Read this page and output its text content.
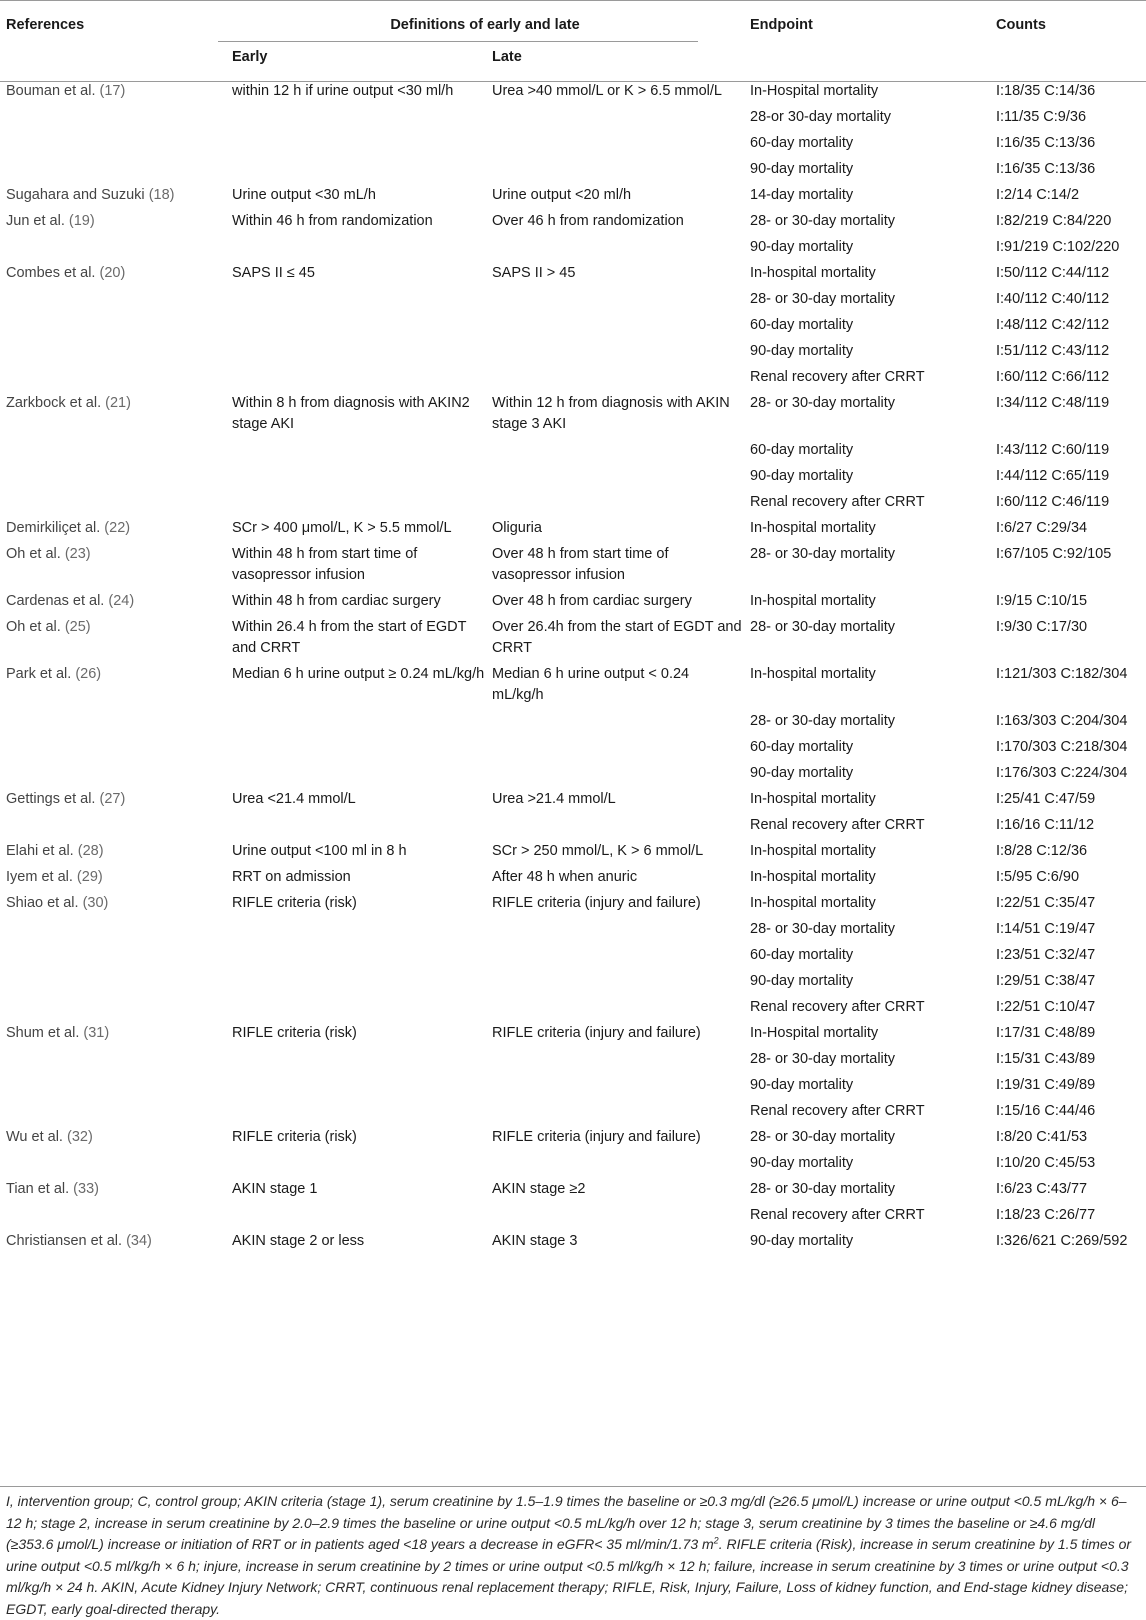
References	Definitions of early and late		Endpoint	Counts
	Early	Late		
Bouman et al. (17)	within 12 h if urine output <30 ml/h	Urea >40 mmol/L or K > 6.5 mmol/L	In-Hospital mortality	I:18/35 C:14/36
			28-or 30-day mortality	I:11/35 C:9/36
			60-day mortality	I:16/35 C:13/36
			90-day mortality	I:16/35 C:13/36
Sugahara and Suzuki (18)	Urine output <30 mL/h	Urine output <20 ml/h	14-day mortality	I:2/14 C:14/2
Jun et al. (19)	Within 46 h from randomization	Over 46 h from randomization	28- or 30-day mortality	I:82/219 C:84/220
			90-day mortality	I:91/219 C:102/220
Combes et al. (20)	SAPS II ≤ 45	SAPS II > 45	In-hospital mortality	I:50/112 C:44/112
			28- or 30-day mortality	I:40/112 C:40/112
			60-day mortality	I:48/112 C:42/112
			90-day mortality	I:51/112 C:43/112
			Renal recovery after CRRT	I:60/112 C:66/112
Zarkbock et al. (21)	Within 8 h from diagnosis with AKIN2 stage AKI	Within 12 h from diagnosis with AKIN stage 3 AKI	28- or 30-day mortality	I:34/112 C:48/119
			60-day mortality	I:43/112 C:60/119
			90-day mortality	I:44/112 C:65/119
			Renal recovery after CRRT	I:60/112 C:46/119
Demirkiliçet al. (22)	SCr > 400 μmol/L, K > 5.5 mmol/L	Oliguria	In-hospital mortality	I:6/27 C:29/34
Oh et al. (23)	Within 48 h from start time of vasopressor infusion	Over 48 h from start time of vasopressor infusion	28- or 30-day mortality	I:67/105 C:92/105
Cardenas et al. (24)	Within 48 h from cardiac surgery	Over 48 h from cardiac surgery	In-hospital mortality	I:9/15 C:10/15
Oh et al. (25)	Within 26.4 h from the start of EGDT and CRRT	Over 26.4h from the start of EGDT and CRRT	28- or 30-day mortality	I:9/30 C:17/30
Park et al. (26)	Median 6 h urine output ≥ 0.24 mL/kg/h	Median 6 h urine output < 0.24 mL/kg/h	In-hospital mortality	I:121/303 C:182/304
			28- or 30-day mortality	I:163/303 C:204/304
			60-day mortality	I:170/303 C:218/304
			90-day mortality	I:176/303 C:224/304
Gettings et al. (27)	Urea <21.4 mmol/L	Urea >21.4 mmol/L	In-hospital mortality	I:25/41 C:47/59
			Renal recovery after CRRT	I:16/16 C:11/12
Elahi et al. (28)	Urine output <100 ml in 8 h	SCr > 250 mmol/L, K > 6 mmol/L	In-hospital mortality	I:8/28 C:12/36
Iyem et al. (29)	RRT on admission	After 48 h when anuric	In-hospital mortality	I:5/95 C:6/90
Shiao et al. (30)	RIFLE criteria (risk)	RIFLE criteria (injury and failure)	In-hospital mortality	I:22/51 C:35/47
			28- or 30-day mortality	I:14/51 C:19/47
			60-day mortality	I:23/51 C:32/47
			90-day mortality	I:29/51 C:38/47
			Renal recovery after CRRT	I:22/51 C:10/47
Shum et al. (31)	RIFLE criteria (risk)	RIFLE criteria (injury and failure)	In-Hospital mortality	I:17/31 C:48/89
			28- or 30-day mortality	I:15/31 C:43/89
			90-day mortality	I:19/31 C:49/89
			Renal recovery after CRRT	I:15/16 C:44/46
Wu et al. (32)	RIFLE criteria (risk)	RIFLE criteria (injury and failure)	28- or 30-day mortality	I:8/20 C:41/53
			90-day mortality	I:10/20 C:45/53
Tian et al. (33)	AKIN stage 1	AKIN stage ≥2	28- or 30-day mortality	I:6/23 C:43/77
			Renal recovery after CRRT	I:18/23 C:26/77
Christiansen et al. (34)	AKIN stage 2 or less	AKIN stage 3	90-day mortality	I:326/621 C:269/592
I, intervention group; C, control group; AKIN criteria (stage 1), serum creatinine by 1.5–1.9 times the baseline or ≥0.3 mg/dl (≥26.5 μmol/L) increase or urine output <0.5 mL/kg/h × 6–12 h; stage 2, increase in serum creatinine by 2.0–2.9 times the baseline or urine output <0.5 mL/kg/h over 12 h; stage 3, serum creatinine by 3 times the baseline or ≥4.6 mg/dl (≥353.6 μmol/L) increase or initiation of RRT or in patients aged <18 years a decrease in eGFR< 35 ml/min/1.73 $m^2$. RIFLE criteria (Risk), increase in serum creatinine by 1.5 times or urine output <0.5 ml/kg/h × 6 h; injure, increase in serum creatinine by 2 times or urine output <0.5 ml/kg/h × 12 h; failure, increase in serum creatinine by 3 times or urine output <0.3 ml/kg/h × 24 h. AKIN, Acute Kidney Injury Network; CRRT, continuous renal replacement therapy; RIFLE, Risk, Injury, Failure, Loss of kidney function, and End-stage kidney disease; EGDT, early goal-directed therapy.
